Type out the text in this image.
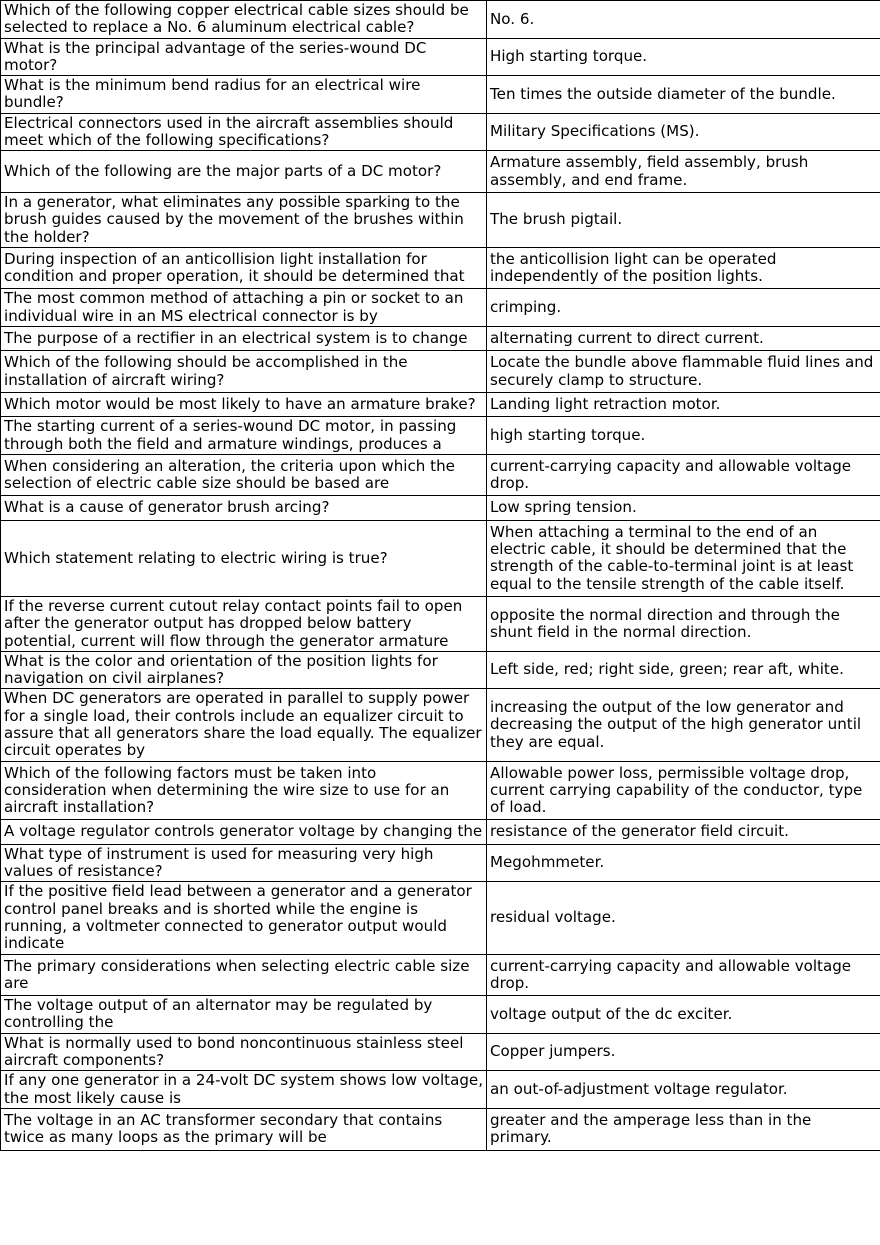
Which of the following copper electrical cable sizes should be selected to replace a No. 6 aluminum electrical cable?	No. 6.
What is the principal advantage of the series-wound DC motor?	High starting torque.
What is the minimum bend radius for an electrical wire bundle?	Ten times the outside diameter of the bundle.
Electrical connectors used in the aircraft assemblies should meet which of the following specifications?	Military Specifications (MS).
Which of the following are the major parts of a DC motor?	Armature assembly, field assembly, brush assembly, and end frame.
In a generator, what eliminates any possible sparking to the brush guides caused by the movement of the brushes within the holder?	The brush pigtail.
During inspection of an anticollision light installation for condition and proper operation, it should be determined that	the anticollision light can be operated independently of the position lights.
The most common method of attaching a pin or socket to an individual wire in an MS electrical connector is by	crimping.
The purpose of a rectifier in an electrical system is to change	alternating current to direct current.
Which of the following should be accomplished in the installation of aircraft wiring?	Locate the bundle above flammable fluid lines and securely clamp to structure.
Which motor would be most likely to have an armature brake?	Landing light retraction motor.
The starting current of a series-wound DC motor, in passing through both the field and armature windings, produces a	high starting torque.
When considering an alteration, the criteria upon which the selection of electric cable size should be based are	current-carrying capacity and allowable voltage drop.
What is a cause of generator brush arcing?	Low spring tension.
Which statement relating to electric wiring is true?	When attaching a terminal to the end of an electric cable, it should be determined that the strength of the cable-to-terminal joint is at least equal to the tensile strength of the cable itself.
If the reverse current cutout relay contact points fail to open after the generator output has dropped below battery potential, current will flow through the generator armature	opposite the normal direction and through the shunt field in the normal direction.
What is the color and orientation of the position lights for navigation on civil airplanes?	Left side, red; right side, green; rear aft, white.
When DC generators are operated in parallel to supply power for a single load, their controls include an equalizer circuit to assure that all generators share the load equally. The equalizer circuit operates by	increasing the output of the low generator and decreasing the output of the high generator until they are equal.
Which of the following factors must be taken into consideration when determining the wire size to use for an aircraft installation?	Allowable power loss, permissible voltage drop, current carrying capability of the conductor, type of load.
A voltage regulator controls generator voltage by changing the	resistance of the generator field circuit.
What type of instrument is used for measuring very high values of resistance?	Megohmmeter.
If the positive field lead between a generator and a generator control panel breaks and is shorted while the engine is running, a voltmeter connected to generator output would indicate	residual voltage.
The primary considerations when selecting electric cable size are	current-carrying capacity and allowable voltage drop.
The voltage output of an alternator may be regulated by controlling the	voltage output of the dc exciter.
What is normally used to bond noncontinuous stainless steel aircraft components?	Copper jumpers.
If any one generator in a 24-volt DC system shows low voltage, the most likely cause is	an out-of-adjustment voltage regulator.
The voltage in an AC transformer secondary that contains twice as many loops as the primary will be	greater and the amperage less than in the primary.
